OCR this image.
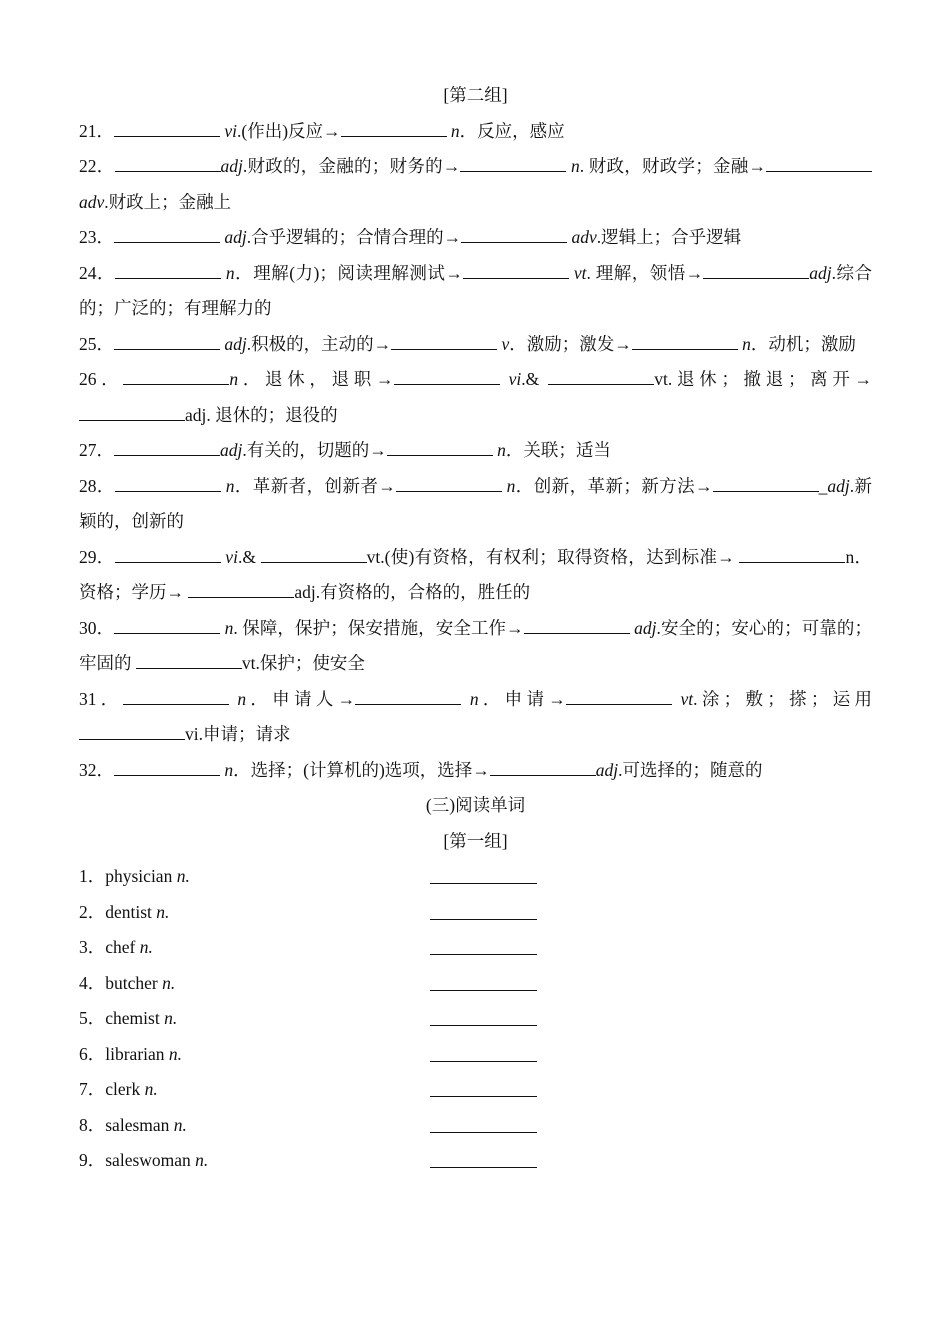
[第二组]
21．	vi.(作出)反应→	n．反应，感应
22．	adj.财政的，金融的；财务的→	n. 财政，财政学；金融→adv.财政上；金融上
23．	adj.合乎逻辑的；合情合理的→	adv.逻辑上；合乎逻辑
24．	n．理解(力)；阅读理解测试→	vt. 理解，领悟→	adj.综合的；广泛的；有理解力的
25．	adj.积极的，主动的→	v．激励；激发→	n．动机；激励
26．	n．退休，退职→	vi.&	vt.退休；撤退；离开→ adj. 退休的；退役的
27．	adj.有关的，切题的→	n．关联；适当
28．	n．革新者，创新者→	n．创新，革新；新方法→	_adj.新颖的，创新的
29．	vi.&	vt.(使)有资格，有权利；取得资格，达到标准→	n．资格；学历→	adj.有资格的，合格的，胜任的
30．	n. 保障，保护；保安措施，安全工作→	adj.安全的；安心的；可靠的；牢固的	vt.保护；使安全
31．	n．申请人→	n．申请→	vt.涂；敷；搽；运用 vi.申请；请求
32．	n．选择；(计算机的)选项，选择→	adj.可选择的；随意的
(三)阅读单词
[第一组]
1．physician n.
2．dentist n.
3．chef n.
4．butcher n.
5．chemist n.
6．librarian n.
7．clerk n.
8．salesman n.
9．saleswoman n.
